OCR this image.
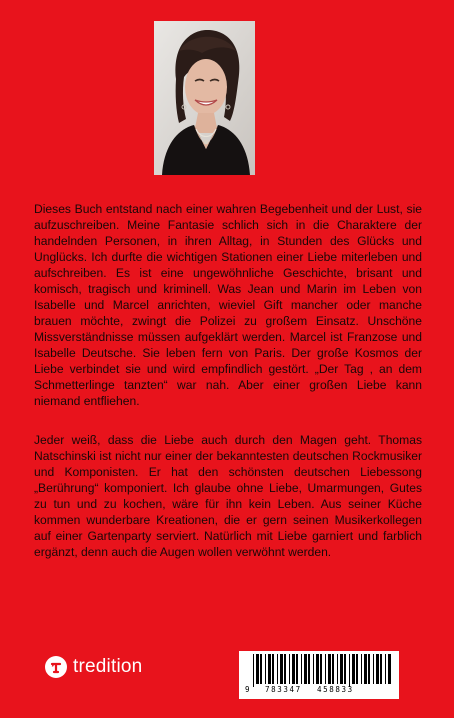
Dieses Buch entstand nach einer wahren Begebenheit und der Lust, sie aufzuschreiben. Meine Fantasie schlich sich in die Charaktere der handelnden Personen, in ihren Alltag, in Stunden des Glücks und Unglücks. Ich durfte die wichtigen Stationen einer Liebe miterleben und aufschreiben. Es ist eine ungewöhnliche Geschichte, brisant und komisch, tragisch und kriminell. Was Jean und Marin im Leben von Isabelle und Marcel anrichten, wieviel Gift mancher oder manche brauen möchte, zwingt die Polizei zu großem Einsatz. Unschöne Missverständnisse müssen aufgeklärt werden. Marcel ist Franzose und Isabelle Deutsche. Sie leben fern von Paris. Der große Kosmos der Liebe verbindet sie und wird empfindlich gestört. „Der Tag , an dem Schmetterlinge tanzten“ war nah. Aber einer großen Liebe kann niemand entfliehen.

Jeder weiß, dass die Liebe auch durch den Magen geht. Thomas Natschinski ist nicht nur einer der bekanntesten deutschen Rockmusiker und Komponisten. Er hat den schönsten deutschen Liebessong „Berührung“ komponiert. Ich glaube ohne Liebe, Umarmungen, Gutes zu tun und zu kochen, wäre für ihn kein Leben. Aus seiner Küche kommen wunderbare Kreationen, die er gern seinen Musikerkollegen auf einer Gartenparty serviert. Natürlich mit Liebe garniert und farblich ergänzt, denn auch die Augen wollen verwöhnt werden.

tredition
9 783347 458833
